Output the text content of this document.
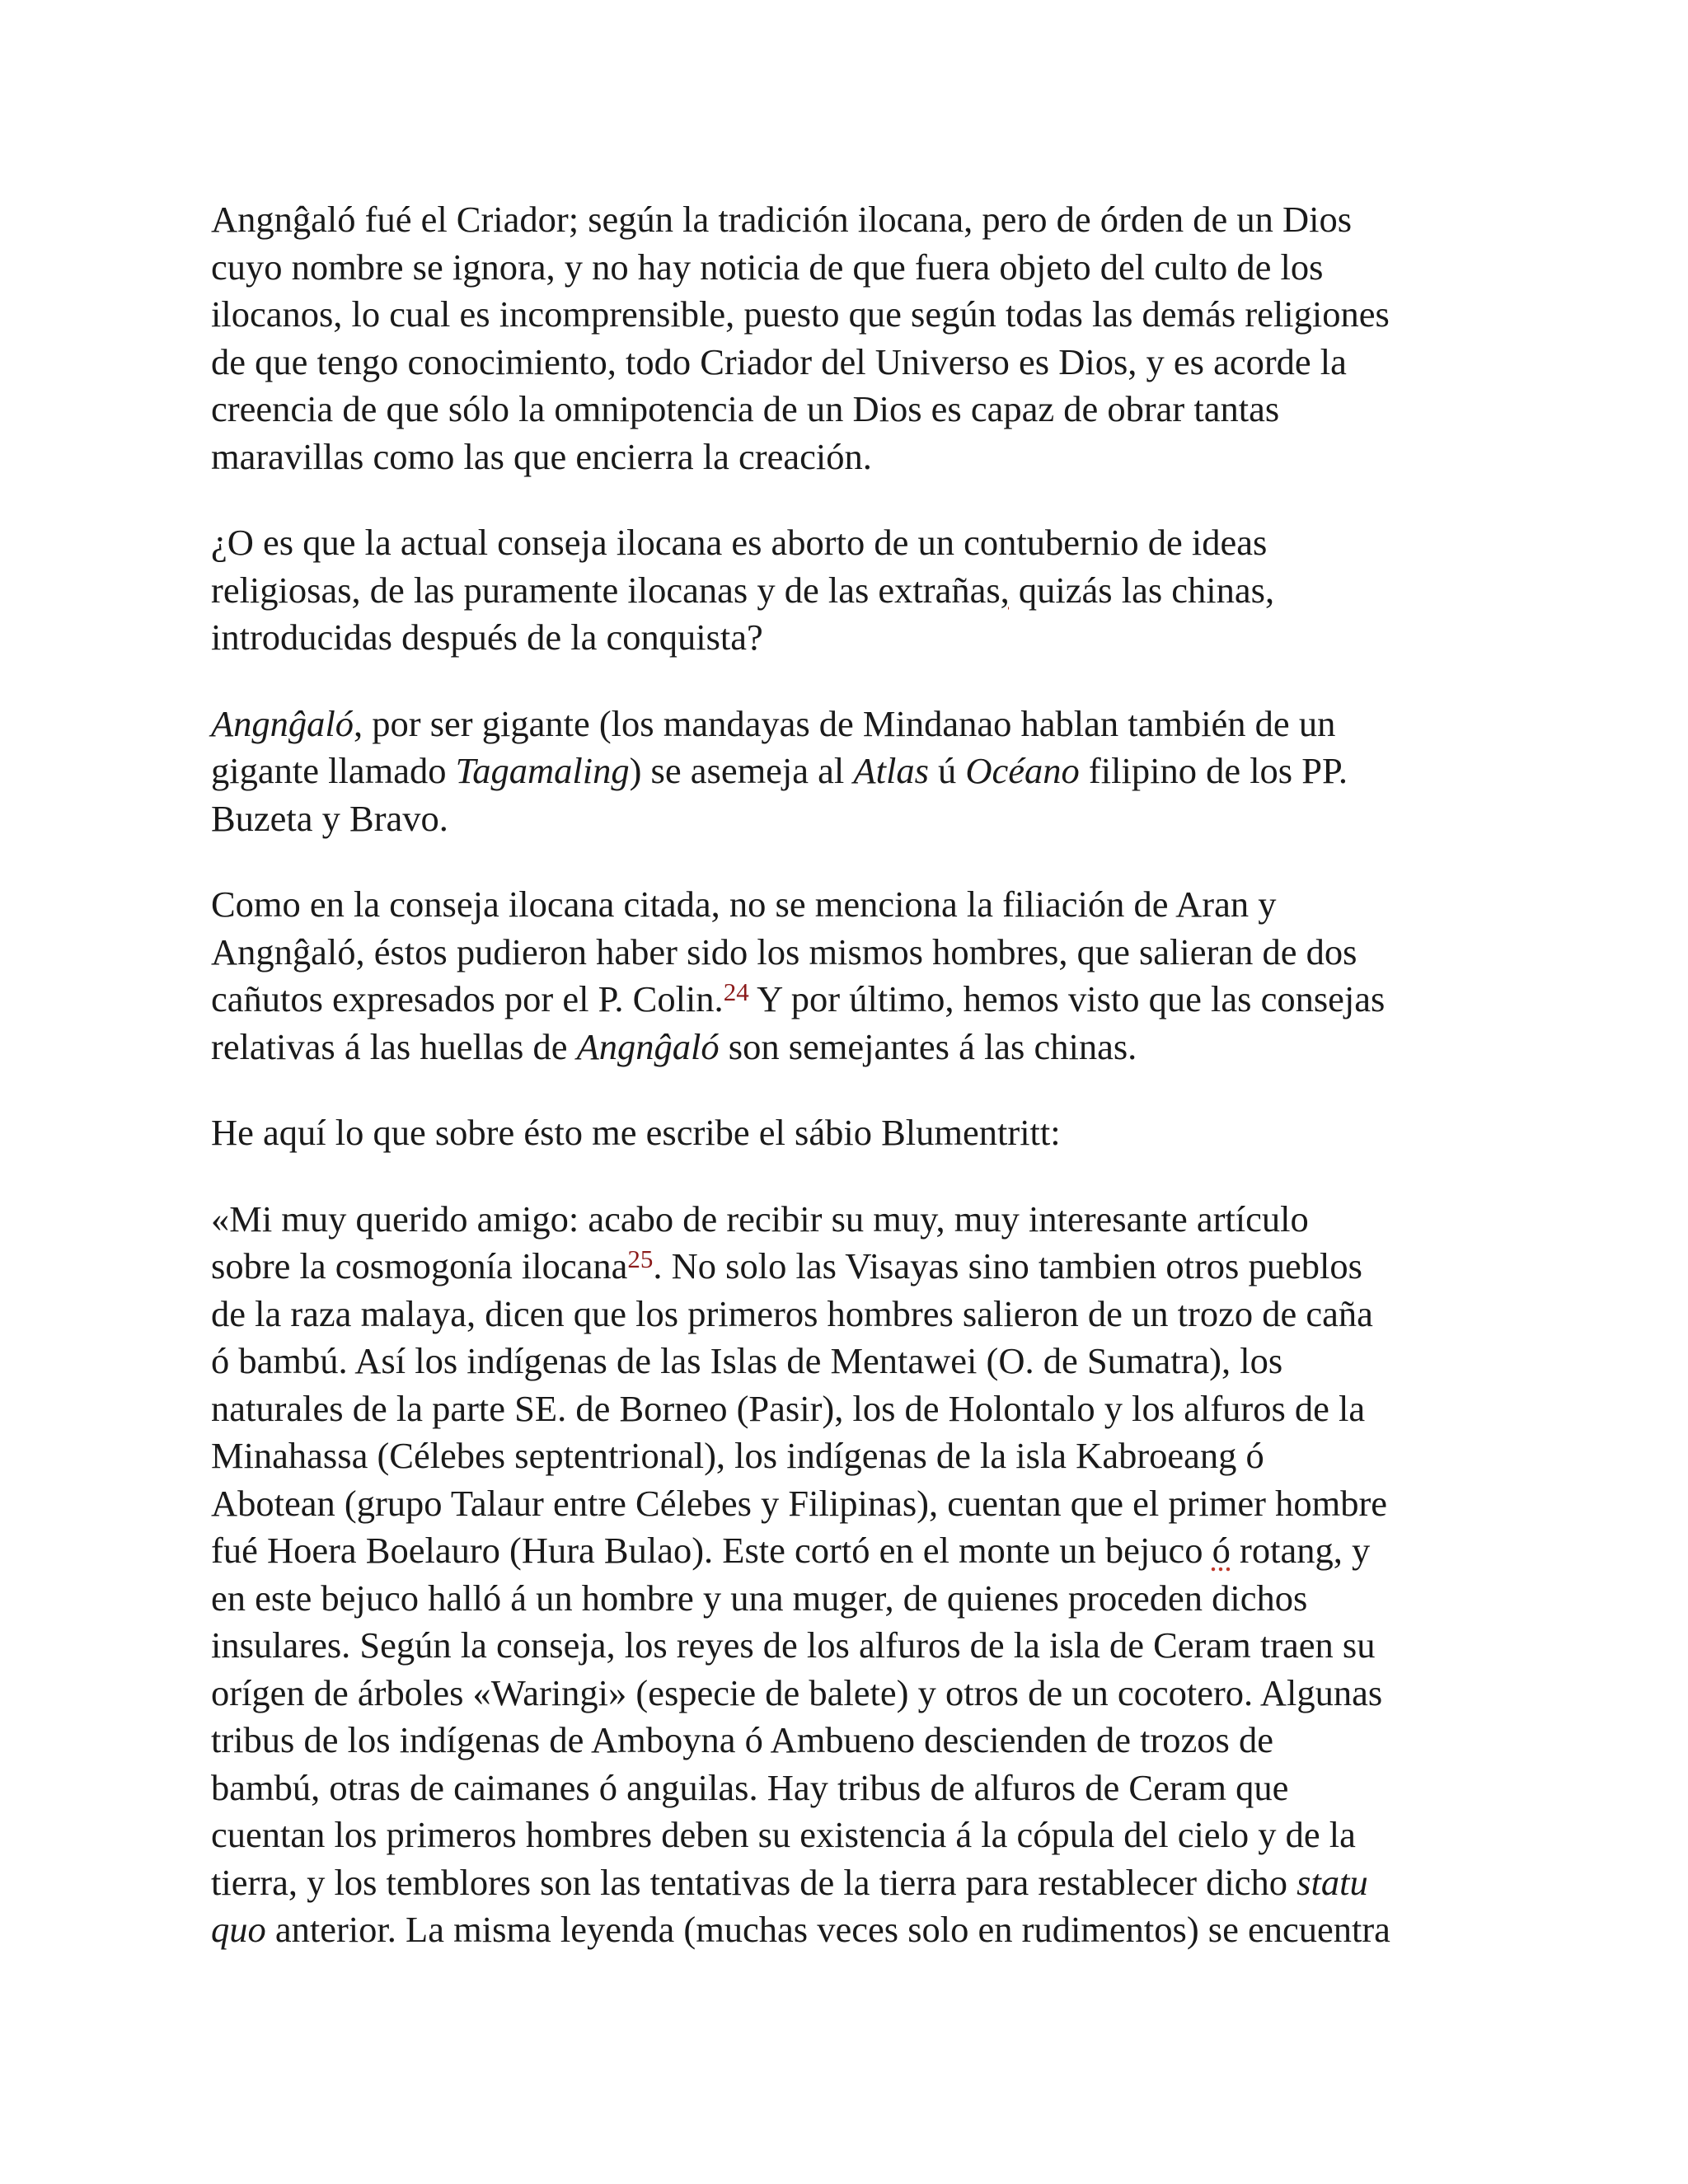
Angnĝaló fué el Criador; según la tradición ilocana, pero de órden de un Dios
cuyo nombre se ignora, y no hay noticia de que fuera objeto del culto de los
ilocanos, lo cual es incomprensible, puesto que según todas las demás religiones
de que tengo conocimiento, todo Criador del Universo es Dios, y es acorde la
creencia de que sólo la omnipotencia de un Dios es capaz de obrar tantas
maravillas como las que encierra la creación.

¿O es que la actual conseja ilocana es aborto de un contubernio de ideas
religiosas, de las puramente ilocanas y de las extrañas, quizás las chinas,
introducidas después de la conquista?

Angnĝaló, por ser gigante (los mandayas de Mindanao hablan también de un
gigante llamado Tagamaling) se asemeja al Atlas ú Océano filipino de los PP.
Buzeta y Bravo.

Como en la conseja ilocana citada, no se menciona la filiación de Aran y
Angnĝaló, éstos pudieron haber sido los mismos hombres, que salieran de dos
cañutos expresados por el P. Colin.$^{24}$ Y por último, hemos visto que las consejas
relativas á las huellas de Angnĝaló son semejantes á las chinas.

He aquí lo que sobre ésto me escribe el sábio Blumentritt:

«Mi muy querido amigo: acabo de recibir su muy, muy interesante artículo
sobre la cosmogonía ilocana$^{25}$. No solo las Visayas sino tambien otros pueblos
de la raza malaya, dicen que los primeros hombres salieron de un trozo de caña
ó bambú. Así los indígenas de las Islas de Mentawei (O. de Sumatra), los
naturales de la parte SE. de Borneo (Pasir), los de Holontalo y los alfuros de la
Minahassa (Célebes septentrional), los indígenas de la isla Kabroeang ó
Abotean (grupo Talaur entre Célebes y Filipinas), cuentan que el primer hombre
fué Hoera Boelauro (Hura Bulao). Este cortó en el monte un bejuco ó rotang, y
en este bejuco halló á un hombre y una muger, de quienes proceden dichos
insulares. Según la conseja, los reyes de los alfuros de la isla de Ceram traen su
orígen de árboles «Waringi» (especie de balete) y otros de un cocotero. Algunas
tribus de los indígenas de Amboyna ó Ambueno descienden de trozos de
bambú, otras de caimanes ó anguilas. Hay tribus de alfuros de Ceram que
cuentan los primeros hombres deben su existencia á la cópula del cielo y de la
tierra, y los temblores son las tentativas de la tierra para restablecer dicho statu
quo anterior. La misma leyenda (muchas veces solo en rudimentos) se encuentra
